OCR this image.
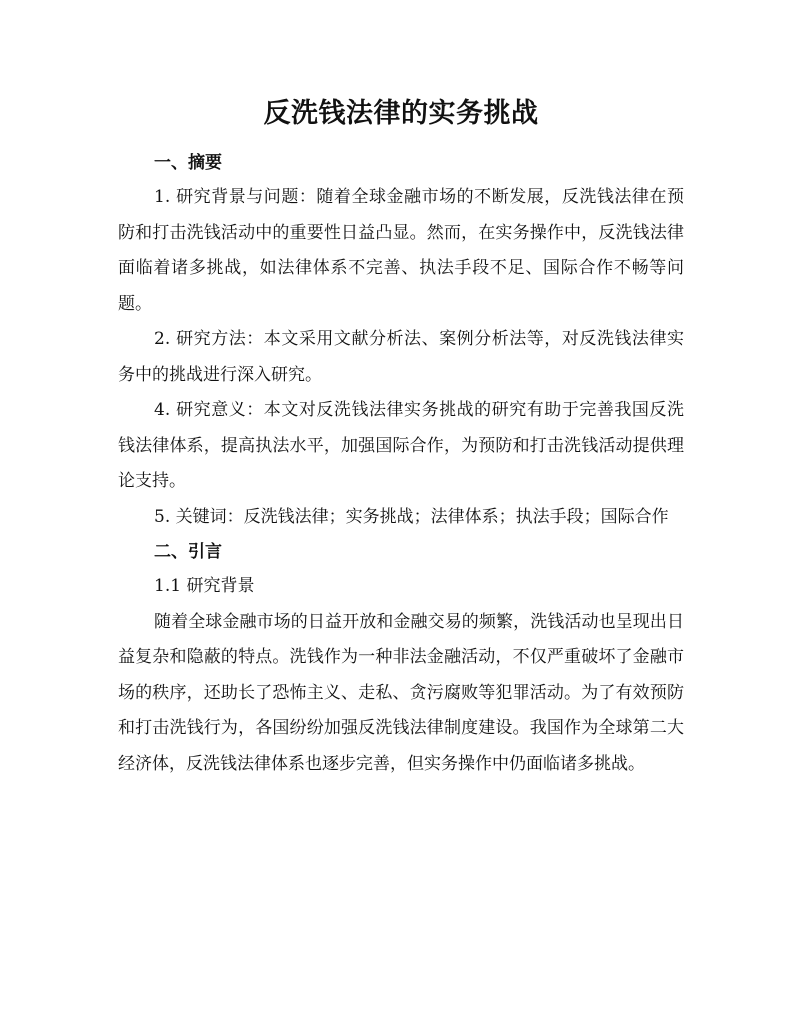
反洗钱法律的实务挑战
一、摘要

1. 研究背景与问题：随着全球金融市场的不断发展，反洗钱法律在预防和打击洗钱活动中的重要性日益凸显。然而，在实务操作中，反洗钱法律面临着诸多挑战，如法律体系不完善、执法手段不足、国际合作不畅等问题。

2. 研究方法：本文采用文献分析法、案例分析法等，对反洗钱法律实务中的挑战进行深入研究。

4. 研究意义：本文对反洗钱法律实务挑战的研究有助于完善我国反洗钱法律体系，提高执法水平，加强国际合作，为预防和打击洗钱活动提供理论支持。

5. 关键词：反洗钱法律；实务挑战；法律体系；执法手段；国际合作

二、引言

1.1 研究背景

随着全球金融市场的日益开放和金融交易的频繁，洗钱活动也呈现出日益复杂和隐蔽的特点。洗钱作为一种非法金融活动，不仅严重破坏了金融市场的秩序，还助长了恐怖主义、走私、贪污腐败等犯罪活动。为了有效预防和打击洗钱行为，各国纷纷加强反洗钱法律制度建设。我国作为全球第二大经济体，反洗钱法律体系也逐步完善，但实务操作中仍面临诸多挑战。
